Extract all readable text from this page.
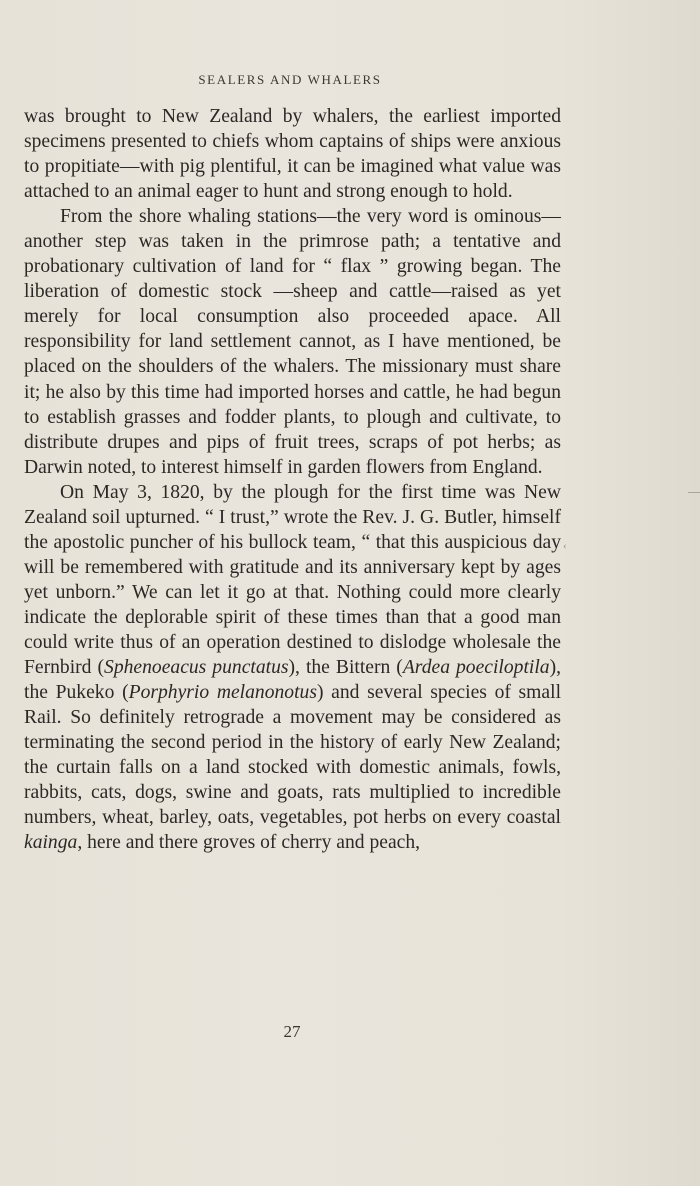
SEALERS AND WHALERS

was brought to New Zealand by whalers, the earliest imported specimens presented to chiefs whom captains of ships were anxious to propitiate—with pig plentiful, it can be imagined what value was attached to an animal eager to hunt and strong enough to hold.

From the shore whaling stations—the very word is ominous—another step was taken in the primrose path; a tentative and probationary cultivation of land for “ flax ” growing began. The liberation of domestic stock —sheep and cattle—raised as yet merely for local consumption also proceeded apace. All responsibility for land settlement cannot, as I have mentioned, be placed on the shoulders of the whalers. The missionary must share it; he also by this time had imported horses and cattle, he had begun to establish grasses and fodder plants, to plough and cultivate, to distribute drupes and pips of fruit trees, scraps of pot herbs; as Darwin noted, to interest himself in garden flowers from England.

On May 3, 1820, by the plough for the first time was New Zealand soil upturned. “ I trust,” wrote the Rev. J. G. Butler, himself the apostolic puncher of his bullock team, “ that this auspicious day will be remembered with gratitude and its anniversary kept by ages yet unborn.” We can let it go at that. Nothing could more clearly indicate the deplorable spirit of these times than that a good man could write thus of an operation destined to dislodge wholesale the Fernbird (Sphenoeacus punctatus), the Bittern (Ardea poeciloptila), the Pukeko (Porphyrio melanonotus) and several species of small Rail. So definitely retrograde a movement may be considered as terminating the second period in the history of early New Zealand; the curtain falls on a land stocked with domestic animals, fowls, rabbits, cats, dogs, swine and goats, rats multiplied to incredible numbers, wheat, barley, oats, vegetables, pot herbs on every coastal kainga, here and there groves of cherry and peach,

27
‹
